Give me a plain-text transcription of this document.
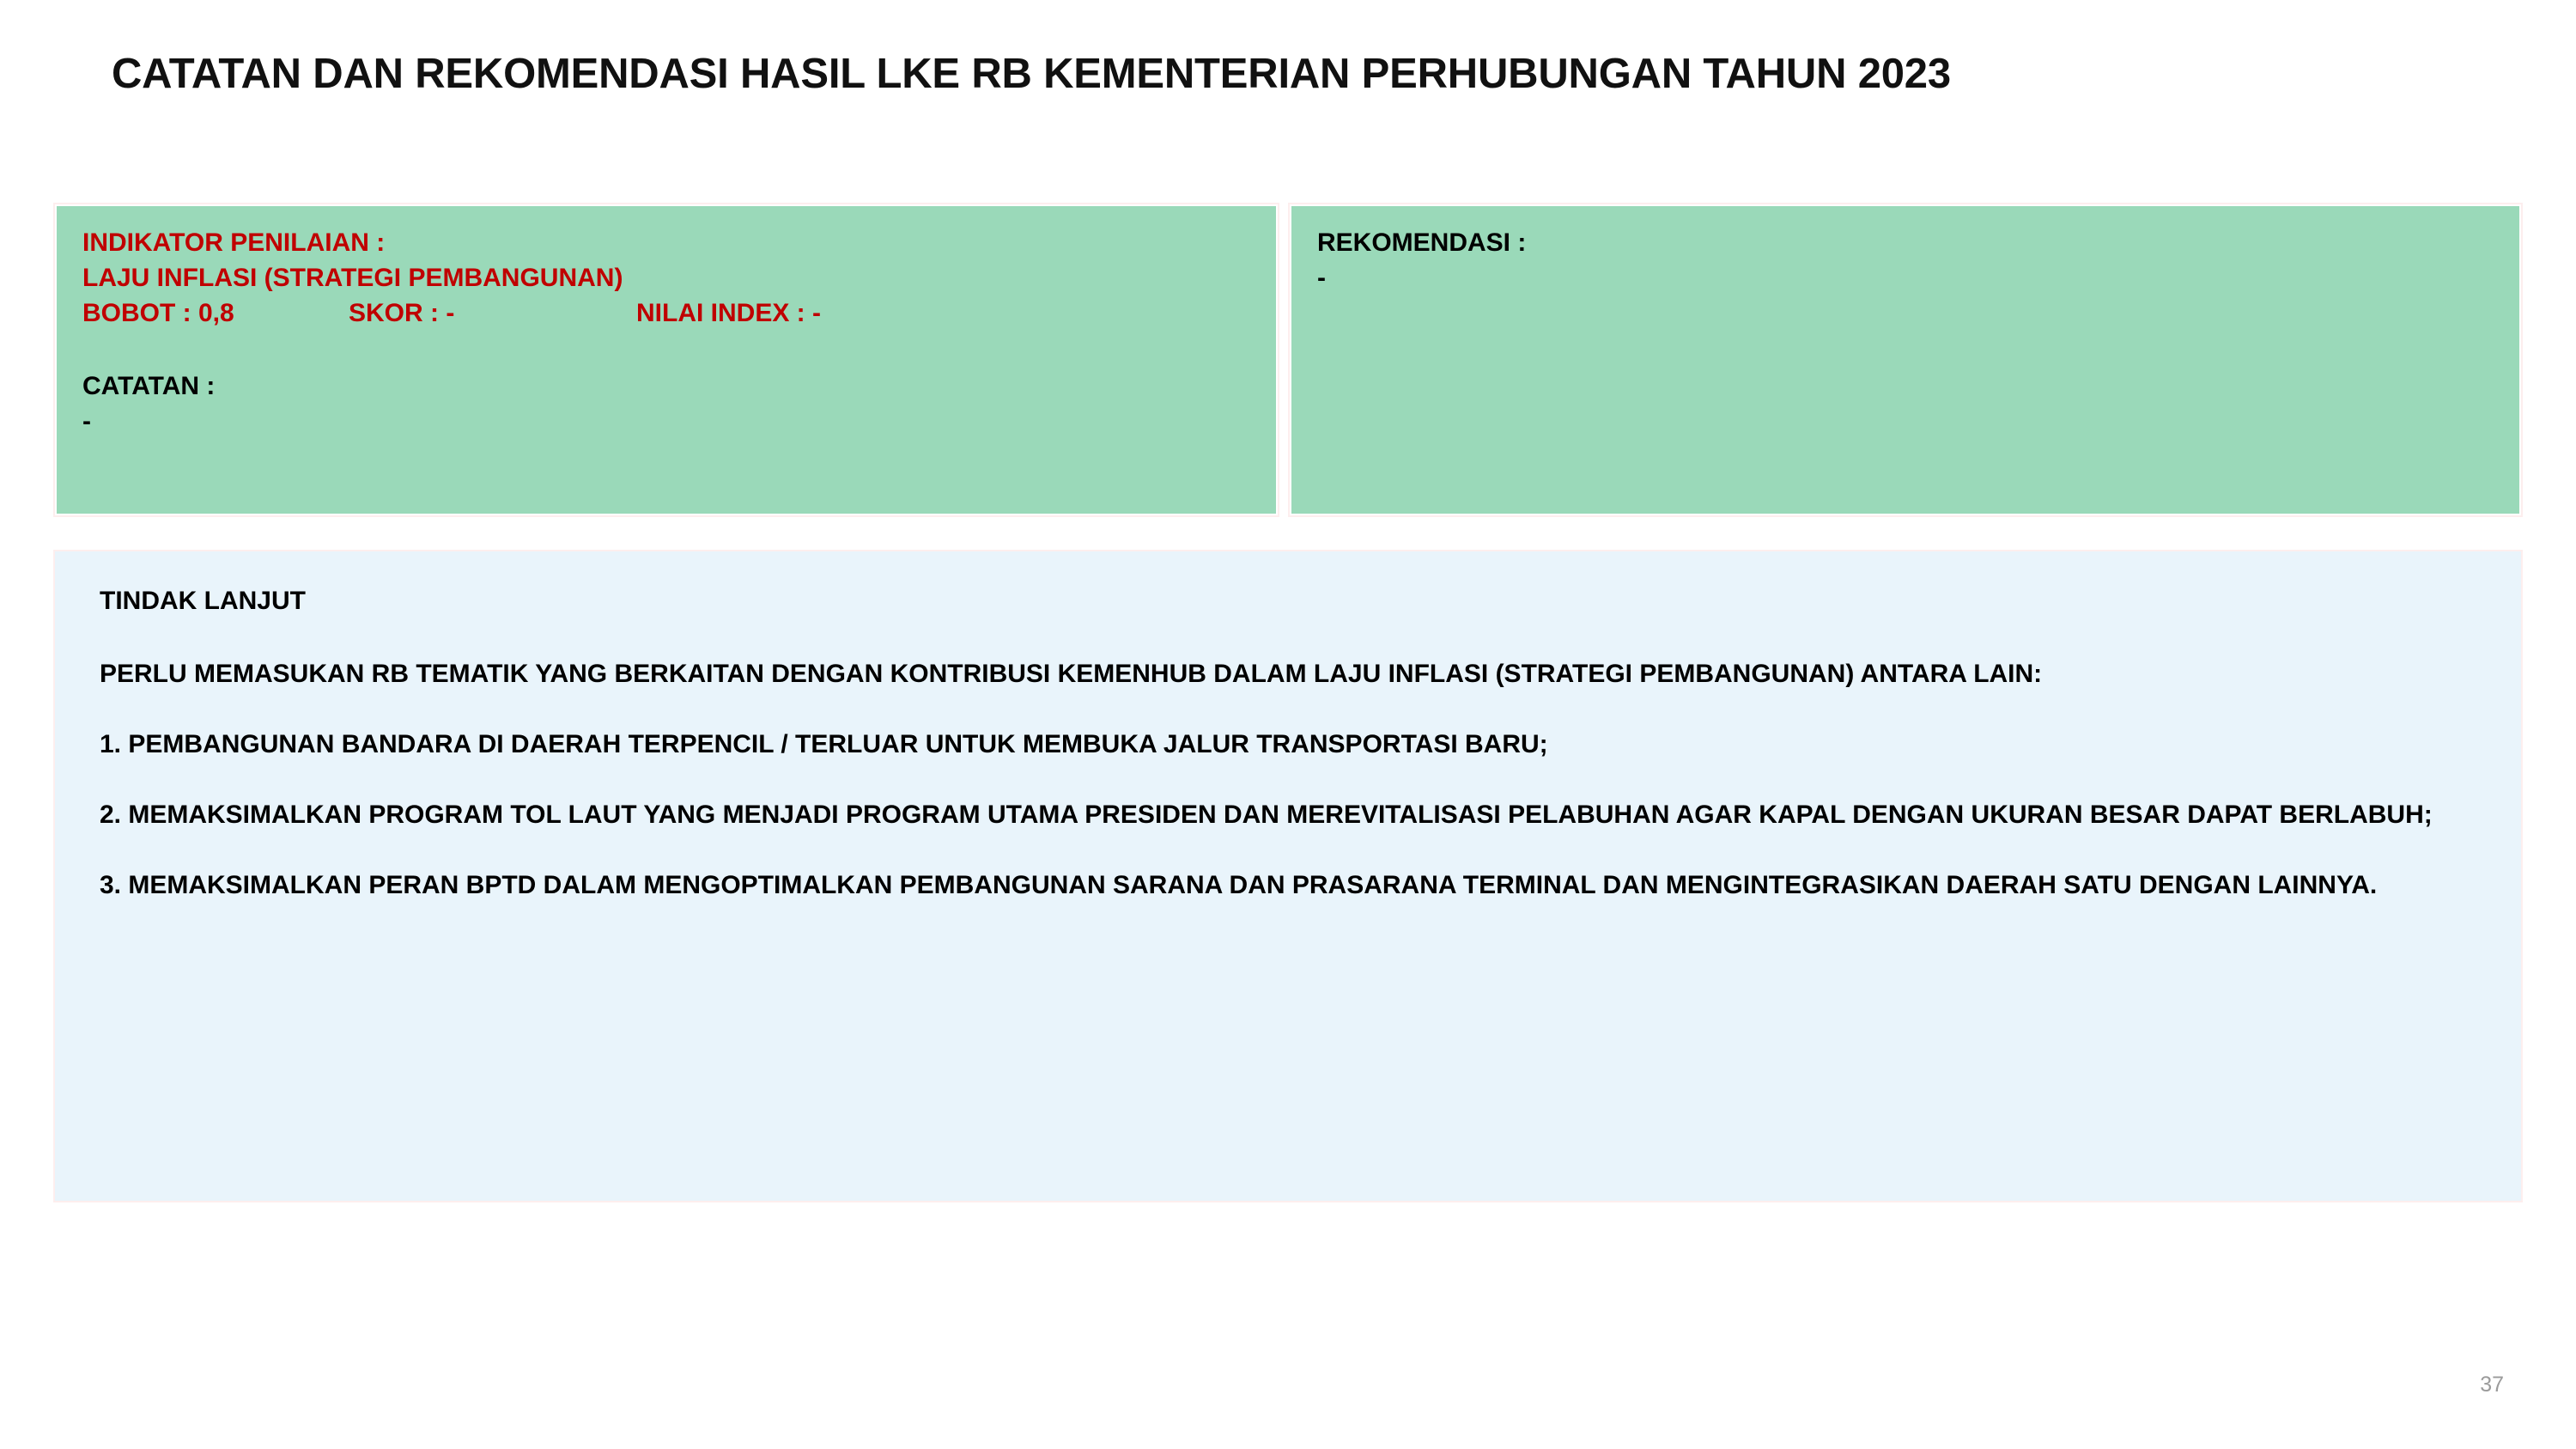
CATATAN DAN REKOMENDASI HASIL LKE RB KEMENTERIAN PERHUBUNGAN TAHUN 2023
INDIKATOR PENILAIAN :
LAJU INFLASI (STRATEGI PEMBANGUNAN)
BOBOT : 0,8	SKOR : -	NILAI INDEX : -
CATATAN :
-
REKOMENDASI :
-
TINDAK LANJUT
PERLU MEMASUKAN RB TEMATIK YANG BERKAITAN DENGAN KONTRIBUSI KEMENHUB DALAM LAJU INFLASI (STRATEGI PEMBANGUNAN) ANTARA LAIN:
1. PEMBANGUNAN BANDARA DI DAERAH TERPENCIL / TERLUAR UNTUK MEMBUKA JALUR TRANSPORTASI BARU;
2. MEMAKSIMALKAN PROGRAM TOL LAUT YANG MENJADI PROGRAM UTAMA PRESIDEN DAN MEREVITALISASI PELABUHAN AGAR KAPAL DENGAN UKURAN BESAR DAPAT BERLABUH;
3. MEMAKSIMALKAN PERAN BPTD DALAM MENGOPTIMALKAN PEMBANGUNAN SARANA DAN PRASARANA TERMINAL DAN MENGINTEGRASIKAN DAERAH SATU DENGAN LAINNYA.
37
